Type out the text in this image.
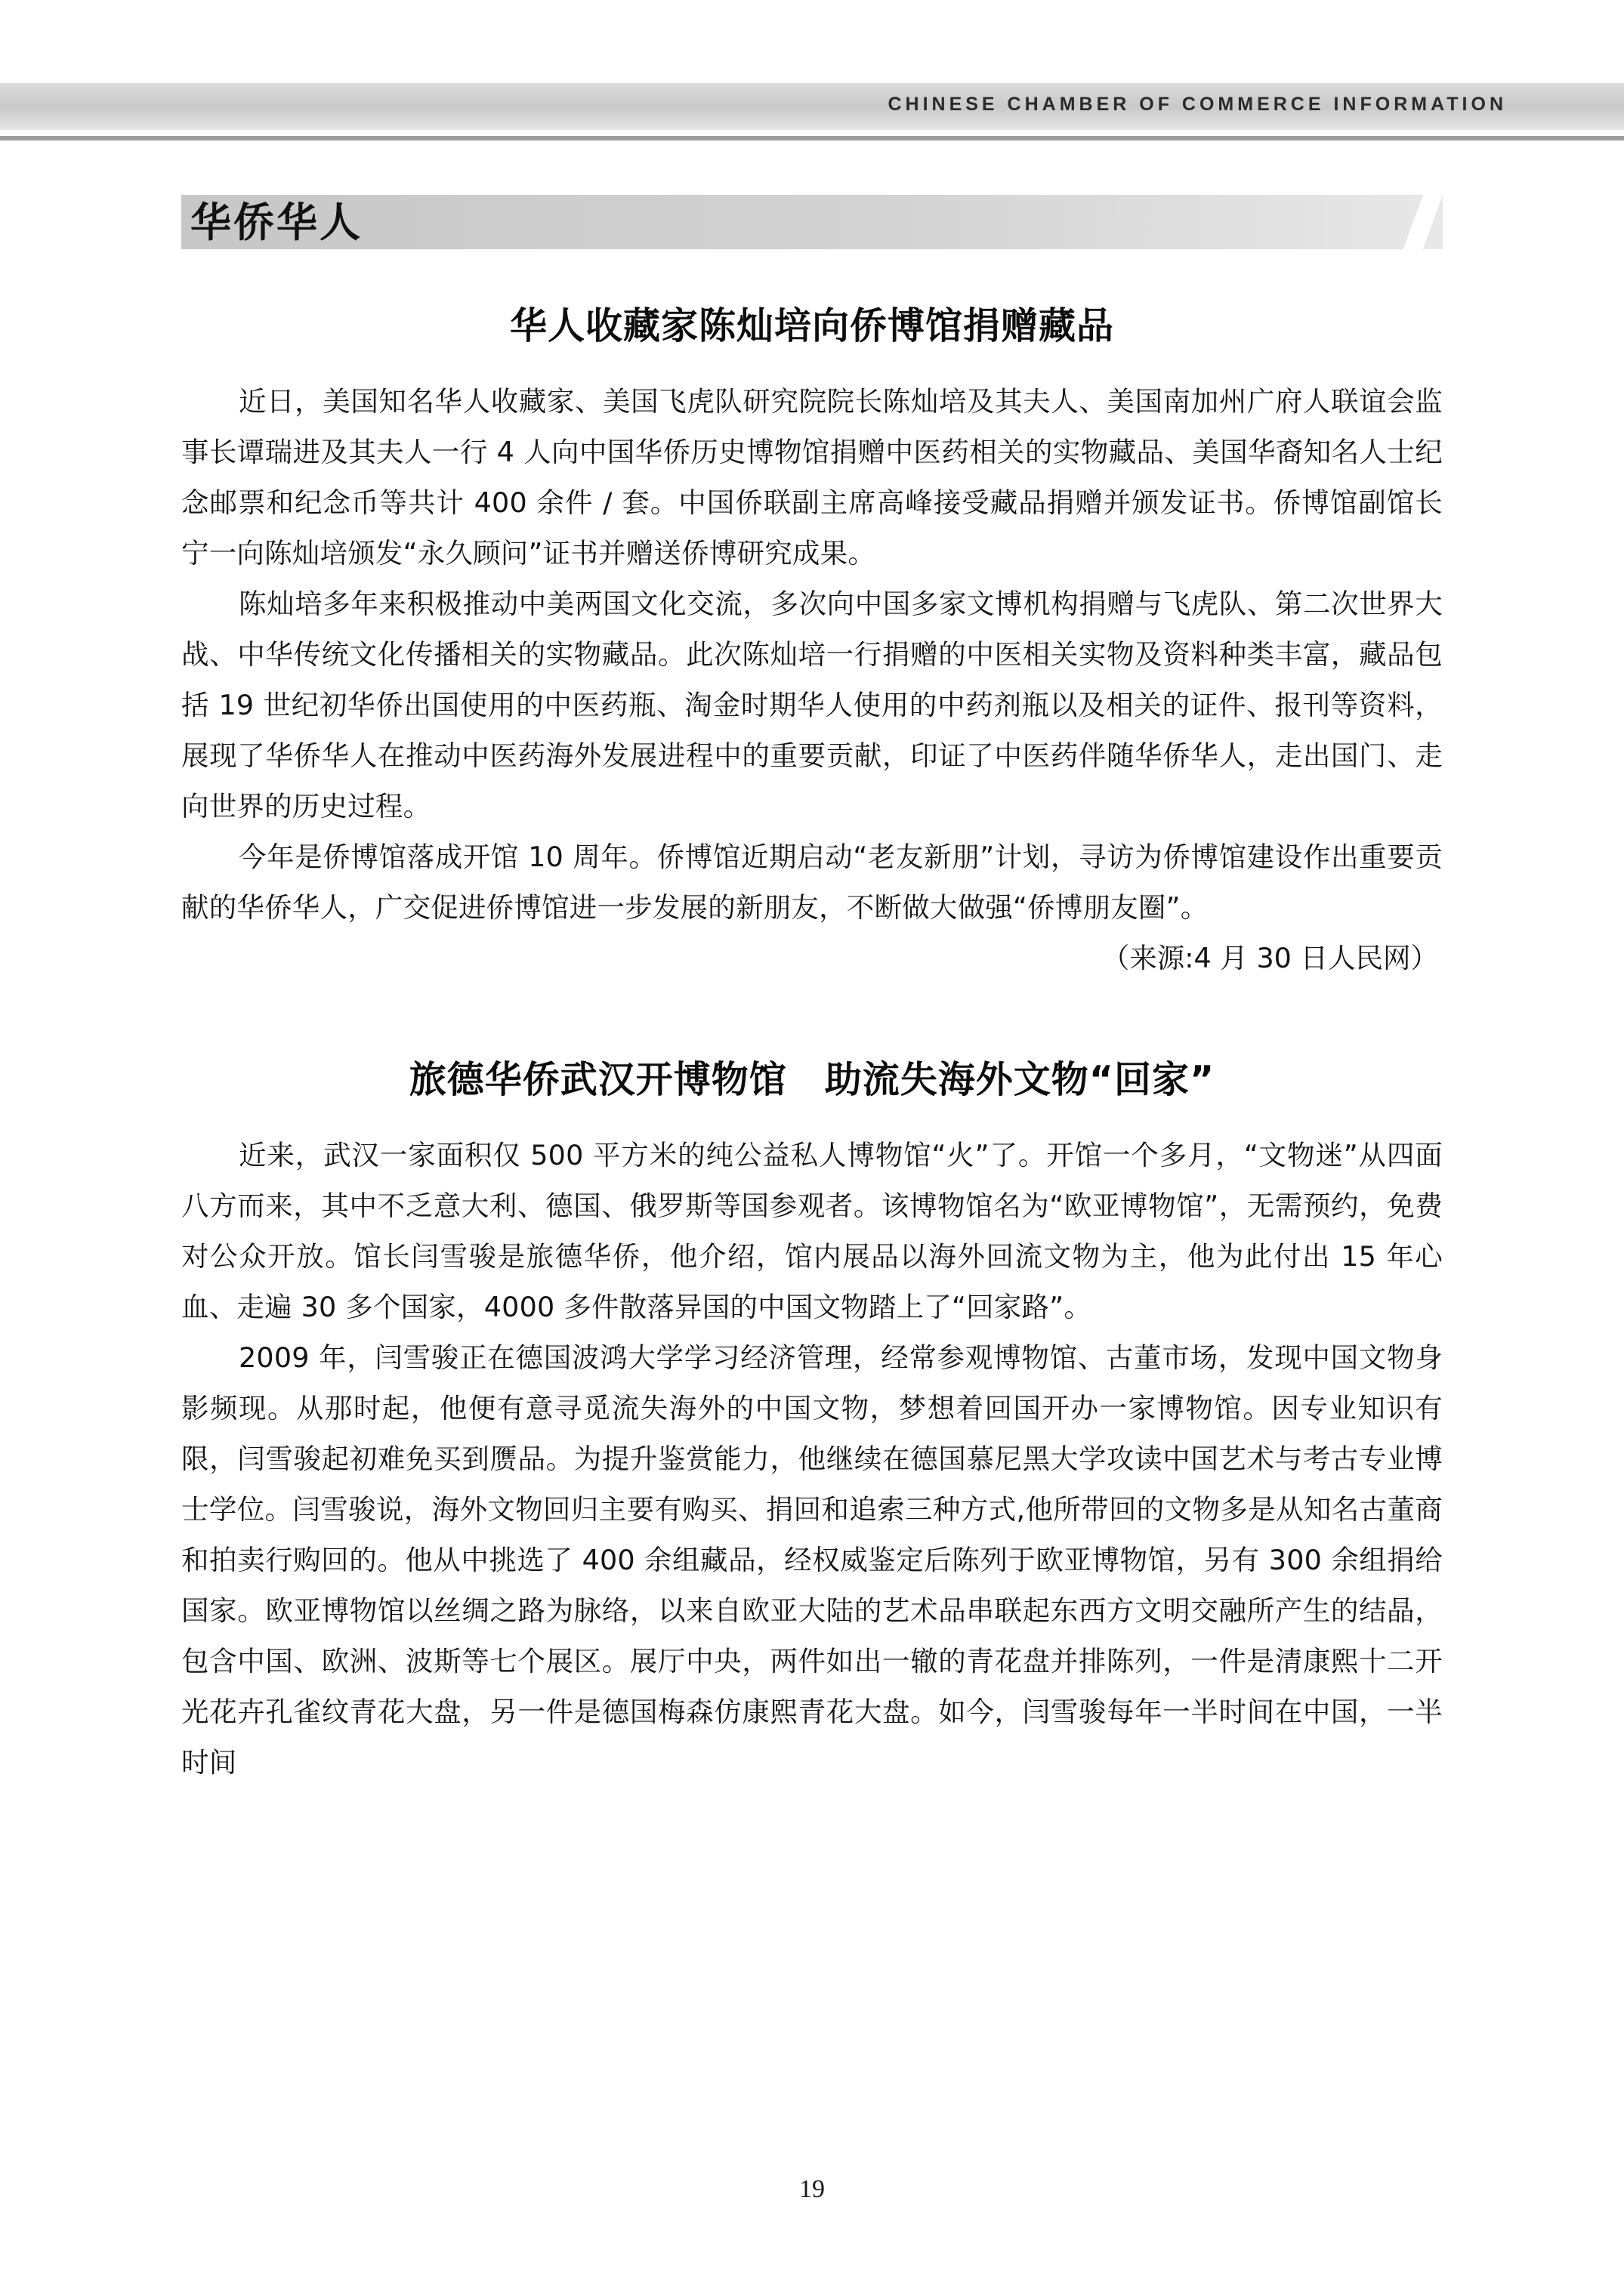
CHINESE CHAMBER OF COMMERCE INFORMATION
华侨华人
华人收藏家陈灿培向侨博馆捐赠藏品

近日，美国知名华人收藏家、美国飞虎队研究院院长陈灿培及其夫人、美国南加州广府人联谊会监事长谭瑞进及其夫人一行 4 人向中国华侨历史博物馆捐赠中医药相关的实物藏品、美国华裔知名人士纪念邮票和纪念币等共计 400 余件 / 套。中国侨联副主席高峰接受藏品捐赠并颁发证书。侨博馆副馆长宁一向陈灿培颁发“永久顾问”证书并赠送侨博研究成果。

陈灿培多年来积极推动中美两国文化交流，多次向中国多家文博机构捐赠与飞虎队、第二次世界大战、中华传统文化传播相关的实物藏品。此次陈灿培一行捐赠的中医相关实物及资料种类丰富，藏品包括 19 世纪初华侨出国使用的中医药瓶、淘金时期华人使用的中药剂瓶以及相关的证件、报刊等资料，展现了华侨华人在推动中医药海外发展进程中的重要贡献，印证了中医药伴随华侨华人，走出国门、走向世界的历史过程。

今年是侨博馆落成开馆 10 周年。侨博馆近期启动“老友新朋”计划，寻访为侨博馆建设作出重要贡献的华侨华人，广交促进侨博馆进一步发展的新朋友，不断做大做强“侨博朋友圈”。

（来源:4 月 30 日人民网）

旅德华侨武汉开博物馆　助流失海外文物“回家”

近来，武汉一家面积仅 500 平方米的纯公益私人博物馆“火”了。开馆一个多月，“文物迷”从四面八方而来，其中不乏意大利、德国、俄罗斯等国参观者。该博物馆名为“欧亚博物馆”，无需预约，免费对公众开放。馆长闫雪骏是旅德华侨，他介绍，馆内展品以海外回流文物为主，他为此付出 15 年心血、走遍 30 多个国家，4000 多件散落异国的中国文物踏上了“回家路”。

2009 年，闫雪骏正在德国波鸿大学学习经济管理，经常参观博物馆、古董市场，发现中国文物身影频现。从那时起，他便有意寻觅流失海外的中国文物，梦想着回国开办一家博物馆。因专业知识有限，闫雪骏起初难免买到赝品。为提升鉴赏能力，他继续在德国慕尼黑大学攻读中国艺术与考古专业博士学位。闫雪骏说，海外文物回归主要有购买、捐回和追索三种方式,他所带回的文物多是从知名古董商和拍卖行购回的。他从中挑选了 400 余组藏品，经权威鉴定后陈列于欧亚博物馆，另有 300 余组捐给国家。欧亚博物馆以丝绸之路为脉络，以来自欧亚大陆的艺术品串联起东西方文明交融所产生的结晶，包含中国、欧洲、波斯等七个展区。展厅中央，两件如出一辙的青花盘并排陈列，一件是清康熙十二开光花卉孔雀纹青花大盘，另一件是德国梅森仿康熙青花大盘。如今，闫雪骏每年一半时间在中国，一半时间

19
